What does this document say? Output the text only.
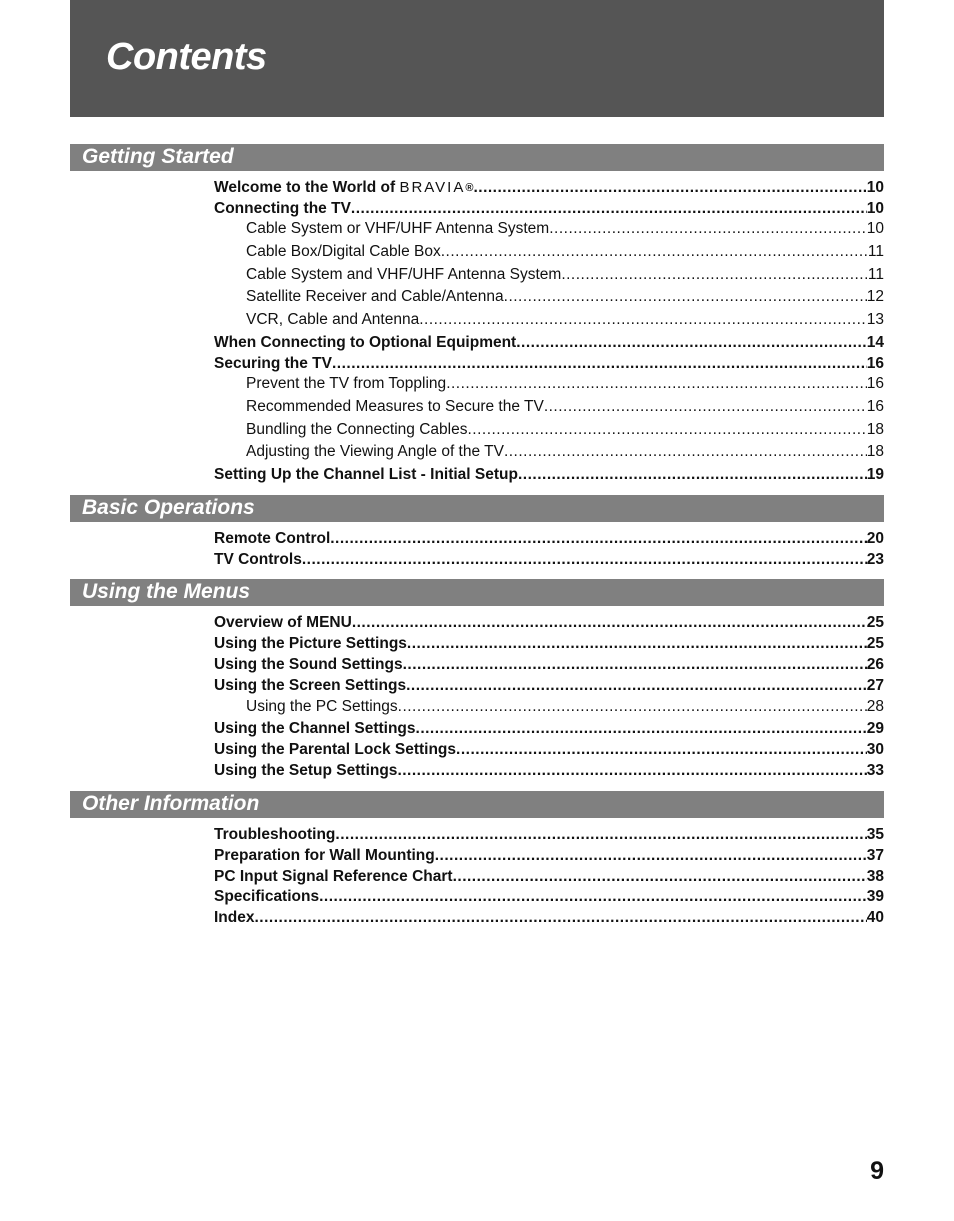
Contents
Getting Started
Welcome to the World of BRAVIA® .....	10
Connecting the TV .....	10
Cable System or VHF/UHF Antenna System .....	10
Cable Box/Digital Cable Box .....	11
Cable System and VHF/UHF Antenna System .....	11
Satellite Receiver and Cable/Antenna .....	12
VCR, Cable and Antenna .....	13
When Connecting to Optional Equipment .....	14
Securing the TV .....	16
Prevent the TV from Toppling .....	16
Recommended Measures to Secure the TV .....	16
Bundling the Connecting Cables .....	18
Adjusting the Viewing Angle of the TV .....	18
Setting Up the Channel List - Initial Setup .....	19
Basic Operations
Remote Control .....	20
TV Controls .....	23
Using the Menus
Overview of MENU .....	25
Using the Picture Settings .....	25
Using the Sound Settings .....	26
Using the Screen Settings .....	27
Using the PC Settings .....	28
Using the Channel Settings .....	29
Using the Parental Lock Settings .....	30
Using the Setup Settings .....	33
Other Information
Troubleshooting .....	35
Preparation for Wall Mounting .....	37
PC Input Signal Reference Chart .....	38
Specifications .....	39
Index .....	40
9
